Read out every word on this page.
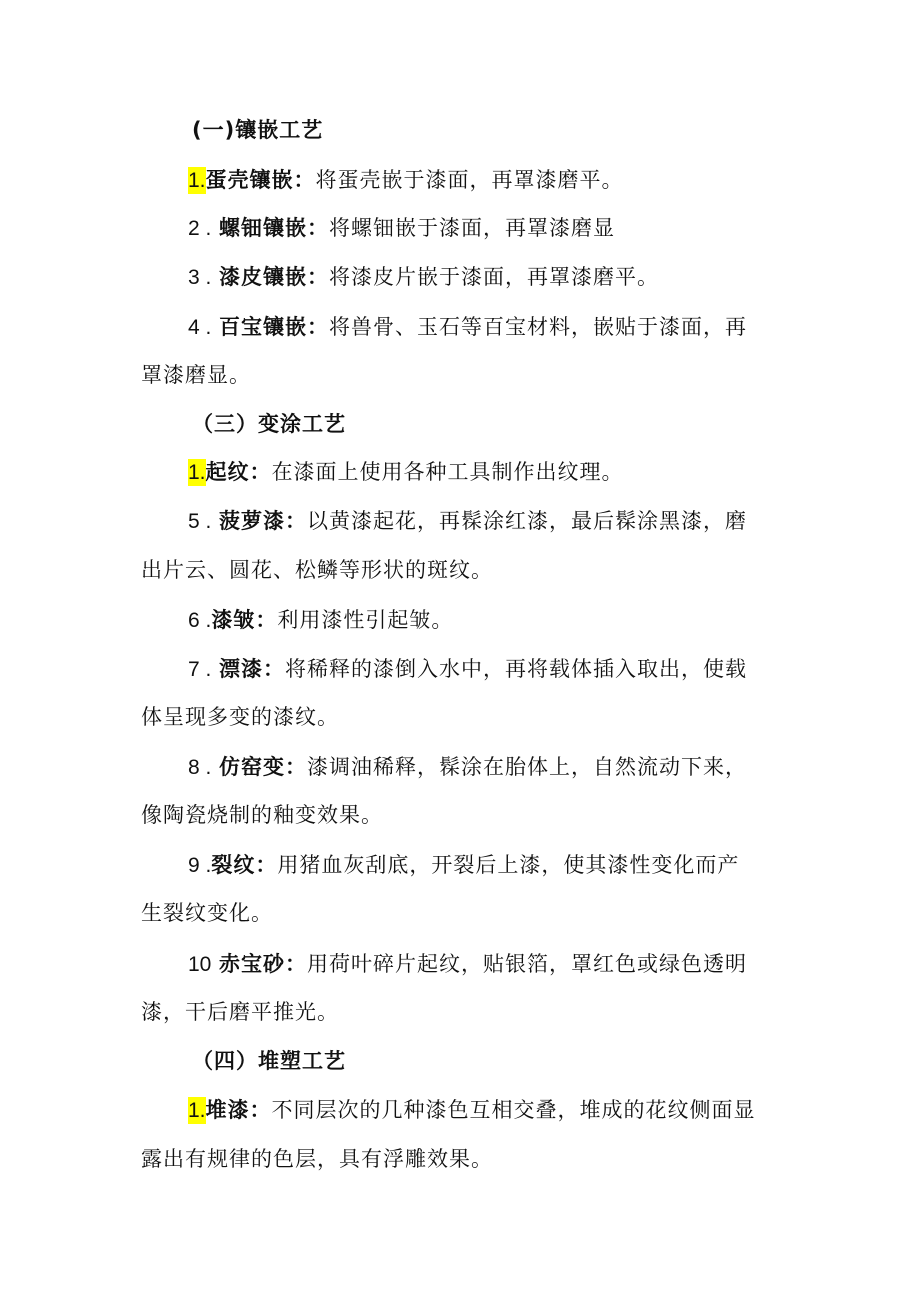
(一)镶嵌工艺
1.蛋壳镶嵌：将蛋壳嵌于漆面，再罩漆磨平。
2 . 螺钿镶嵌：将螺钿嵌于漆面，再罩漆磨显
3 . 漆皮镶嵌：将漆皮片嵌于漆面，再罩漆磨平。
4 . 百宝镶嵌：将兽骨、玉石等百宝材料，嵌贴于漆面，再
罩漆磨显。
（三）变涂工艺
1.起纹：在漆面上使用各种工具制作出纹理。
5 . 菠萝漆：以黄漆起花，再髹涂红漆，最后髹涂黑漆，磨
出片云、圆花、松鳞等形状的斑纹。
6 .漆皱：利用漆性引起皱。
7 . 漂漆：将稀释的漆倒入水中，再将载体插入取出，使载
体呈现多变的漆纹。
8 . 仿窑变：漆调油稀释，髹涂在胎体上，自然流动下来，
像陶瓷烧制的釉变效果。
9 .裂纹：用猪血灰刮底，开裂后上漆，使其漆性变化而产
生裂纹变化。
10 赤宝砂：用荷叶碎片起纹，贴银箔，罩红色或绿色透明
漆，干后磨平推光。
（四）堆塑工艺
1.堆漆：不同层次的几种漆色互相交叠，堆成的花纹侧面显
露出有规律的色层，具有浮雕效果。
